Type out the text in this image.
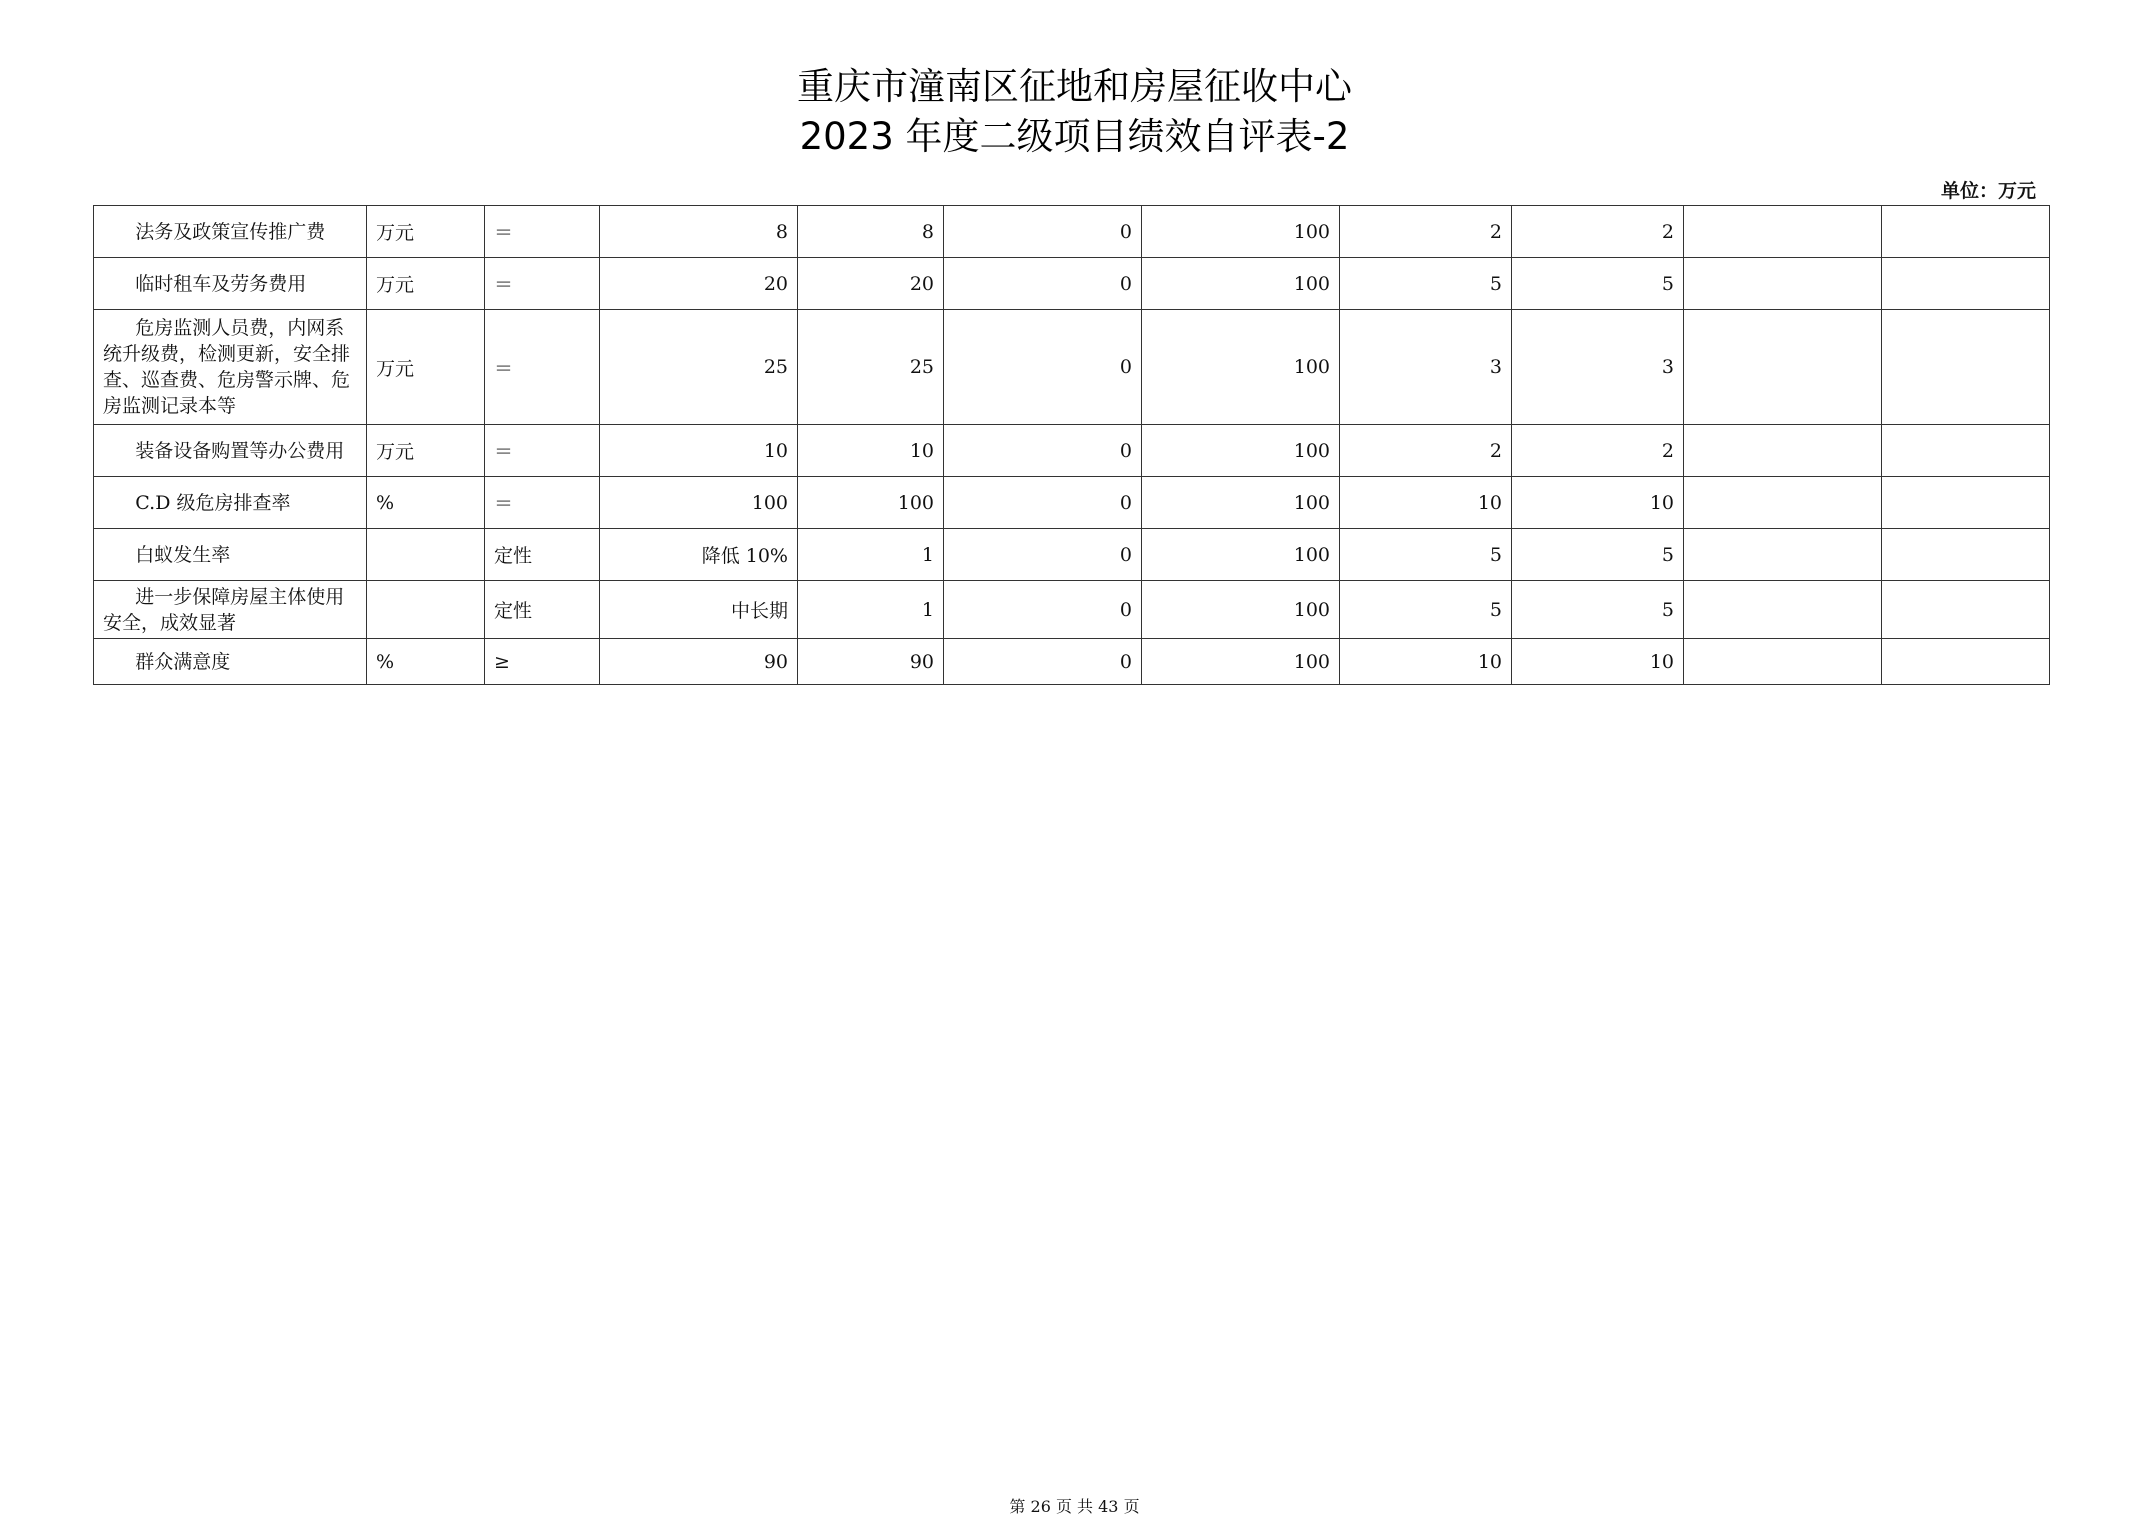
重庆市潼南区征地和房屋征收中心
2023 年度二级项目绩效自评表-2
单位：万元
法务及政策宣传推广费	万元	＝	8	8	0	100	2	2		
临时租车及劳务费用	万元	＝	20	20	0	100	5	5		
危房监测人员费，内网系统升级费，检测更新，安全排查、巡查费、危房警示牌、危房监测记录本等	万元	＝	25	25	0	100	3	3		
装备设备购置等办公费用	万元	＝	10	10	0	100	2	2		
C.D 级危房排查率	%	＝	100	100	0	100	10	10		
白蚁发生率		定性	降低 10%	1	0	100	5	5		
进一步保障房屋主体使用安全，成效显著		定性	中长期	1	0	100	5	5		
群众满意度	%	≥	90	90	0	100	10	10		
第 26 页 共 43 页
